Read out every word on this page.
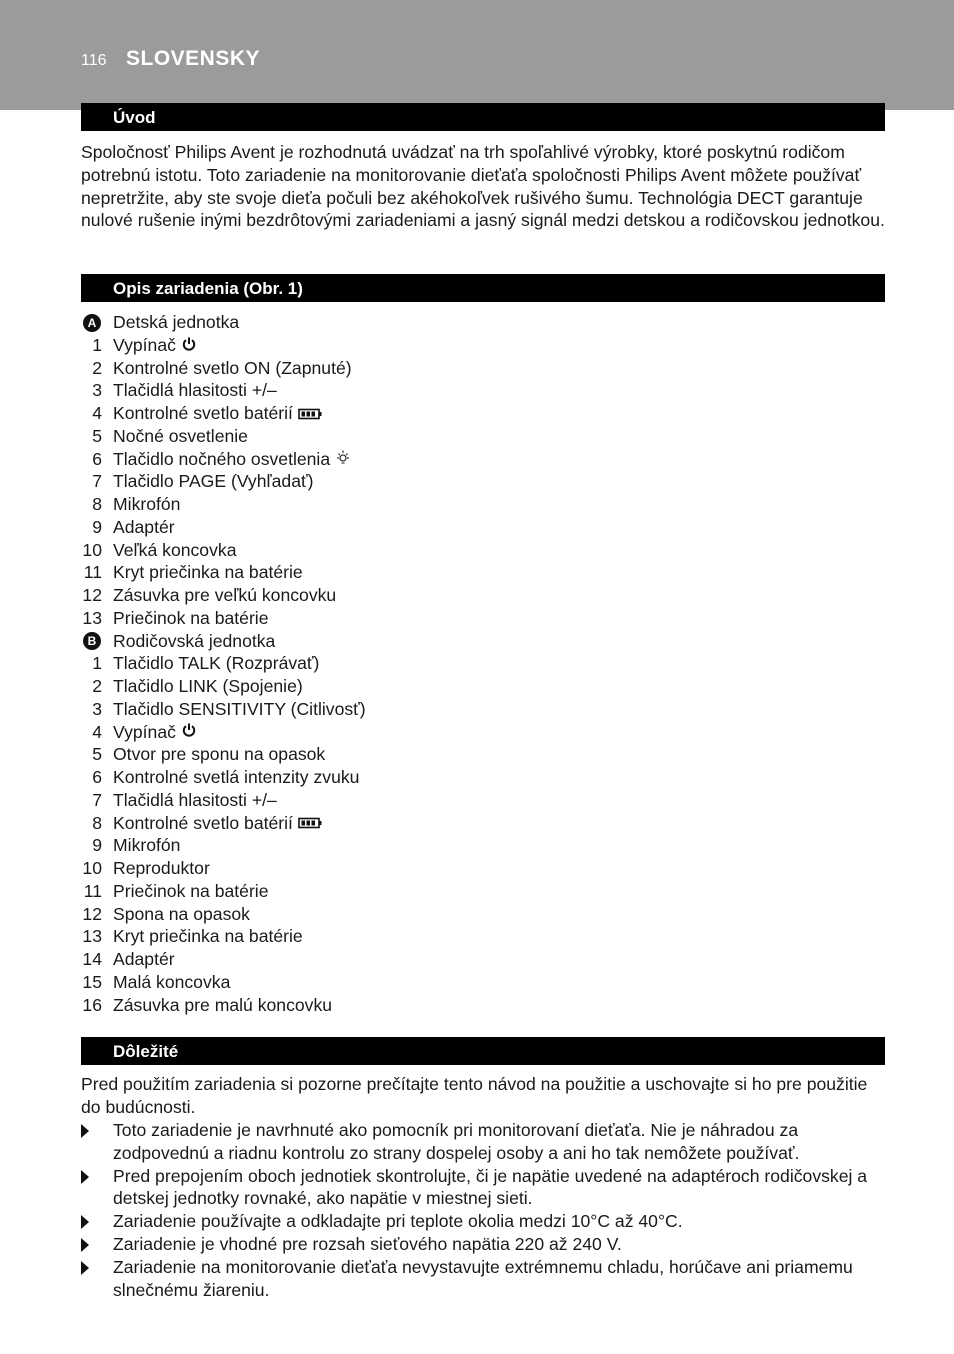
116 SLOVENSKY
Úvod

Spoločnosť Philips Avent je rozhodnutá uvádzať na trh spoľahlivé výrobky, ktoré poskytnú rodičom potrebnú istotu. Toto zariadenie na monitorovanie dieťaťa spoločnosti Philips Avent môžete používať nepretržite, aby ste svoje dieťa počuli bez akéhokoľvek rušivého šumu. Technológia DECT garantuje nulové rušenie inými bezdrôtovými zariadeniami a jasný signál medzi detskou a rodičovskou jednotkou.

Opis zariadenia (Obr. 1)
A Detská jednotka
1 Vypínač
2 Kontrolné svetlo ON (Zapnuté)
3 Tlačidlá hlasitosti +/–
4 Kontrolné svetlo batérií
5 Nočné osvetlenie
6 Tlačidlo nočného osvetlenia
7 Tlačidlo PAGE (Vyhľadať)
8 Mikrofón
9 Adaptér
10 Veľká koncovka
11 Kryt priečinka na batérie
12 Zásuvka pre veľkú koncovku
13 Priečinok na batérie
B Rodičovská jednotka
1 Tlačidlo TALK (Rozprávať)
2 Tlačidlo LINK (Spojenie)
3 Tlačidlo SENSITIVITY (Citlivosť)
4 Vypínač
5 Otvor pre sponu na opasok
6 Kontrolné svetlá intenzity zvuku
7 Tlačidlá hlasitosti +/–
8 Kontrolné svetlo batérií
9 Mikrofón
10 Reproduktor
11 Priečinok na batérie
12 Spona na opasok
13 Kryt priečinka na batérie
14 Adaptér
15 Malá koncovka
16 Zásuvka pre malú koncovku
Dôležité

Pred použitím zariadenia si pozorne prečítajte tento návod na použitie a uschovajte si ho pre použitie do budúcnosti.

Toto zariadenie je navrhnuté ako pomocník pri monitorovaní dieťaťa. Nie je náhradou za zodpovednú a riadnu kontrolu zo strany dospelej osoby a ani ho tak nemôžete používať.
Pred prepojením oboch jednotiek skontrolujte, či je napätie uvedené na adaptéroch rodičovskej a detskej jednotky rovnaké, ako napätie v miestnej sieti.
Zariadenie používajte a odkladajte pri teplote okolia medzi 10°C až 40°C.
Zariadenie je vhodné pre rozsah sieťového napätia 220 až 240 V.
Zariadenie na monitorovanie dieťaťa nevystavujte extrémnemu chladu, horúčave ani priamemu slnečnému žiareniu.
